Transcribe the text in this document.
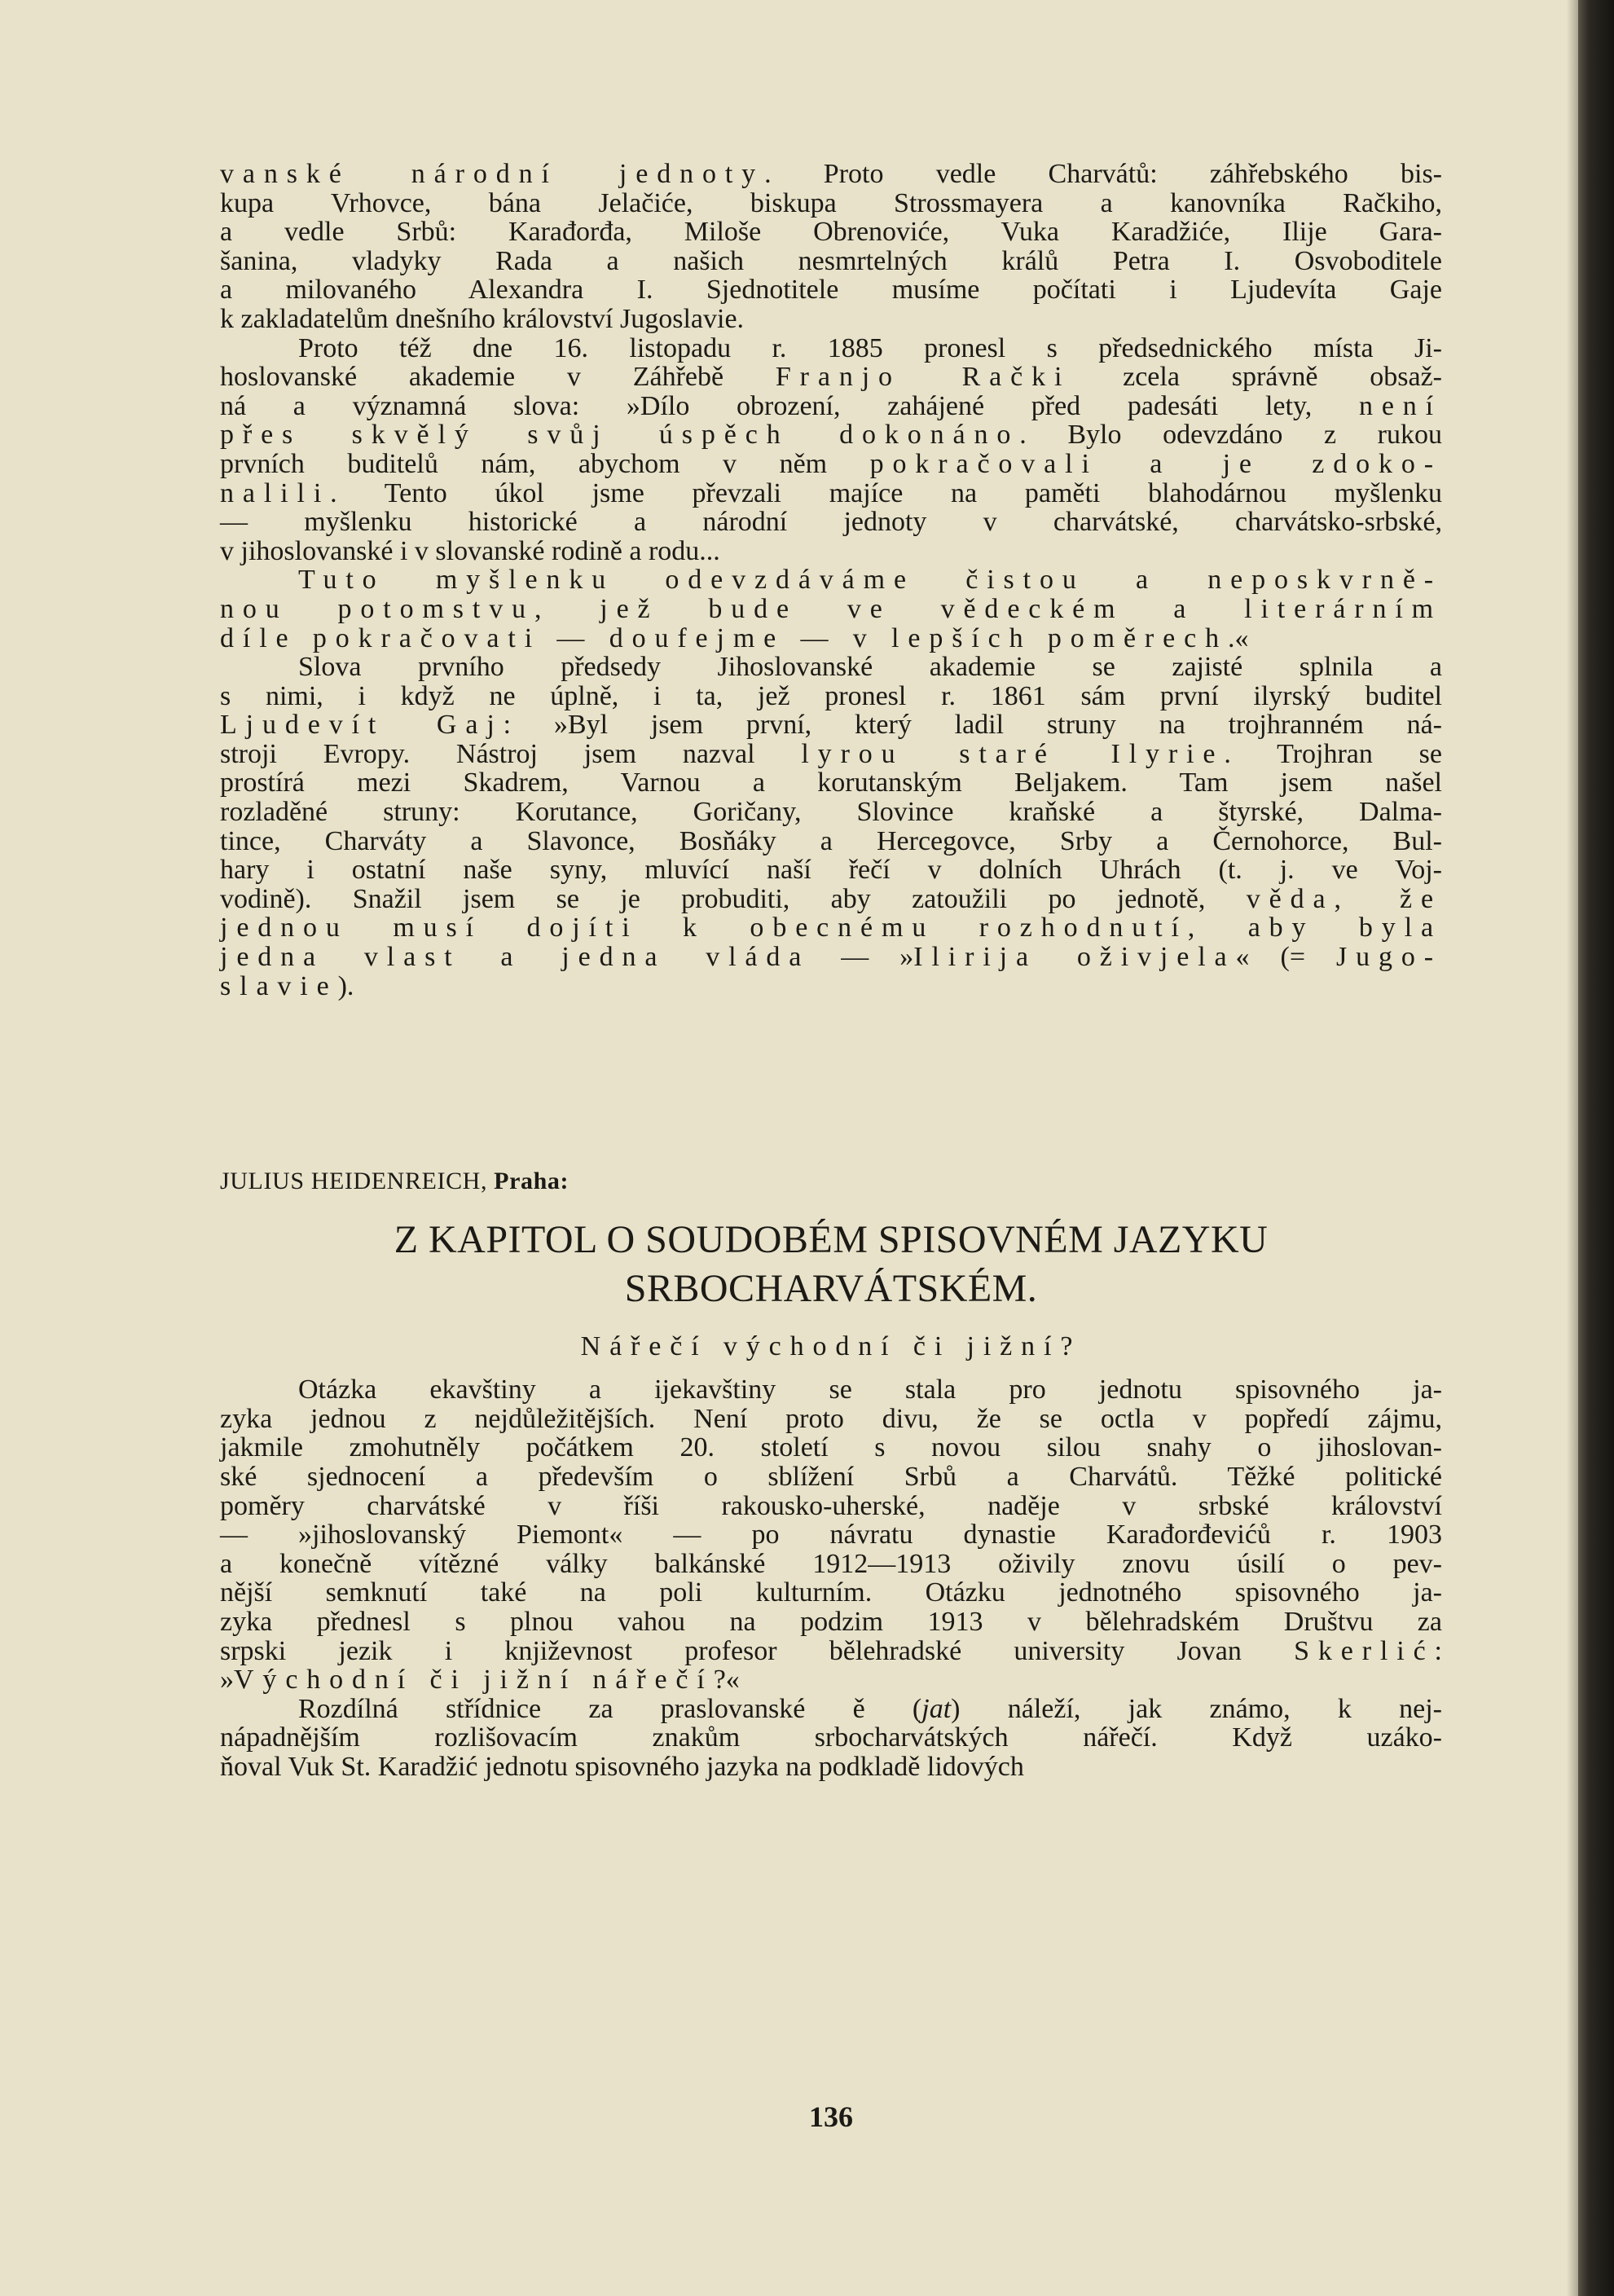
vanské národní jednoty. Proto vedle Charvátů: záhřebského bis-

kupa Vrhovce, bána Jelačiće, biskupa Strossmayera a kanovníka Račkiho,

a vedle Srbů: Karađorđa, Miloše Obrenoviće, Vuka Karadžiće, Ilije Gara-

šanina, vladyky Rada a našich nesmrtelných králů Petra I. Osvoboditele

a milovaného Alexandra I. Sjednotitele musíme počítati i Ljudevíta Gaje

k zakladatelům dnešního království Jugoslavie.

Proto též dne 16. listopadu r. 1885 pronesl s předsednického místa Ji-

hoslovanské akademie v Záhřebě Franjo Rački zcela správně obsaž-

ná a významná slova: »Dílo obrození, zahájené před padesáti lety, není

přes skvělý svůj úspěch dokonáno. Bylo odevzdáno z rukou

prvních buditelů nám, abychom v něm pokračovali a je zdoko-

nalili. Tento úkol jsme převzali majíce na paměti blahodárnou myšlenku

— myšlenku historické a národní jednoty v charvátské, charvátsko-srbské,

v jihoslovanské i v slovanské rodině a rodu...

Tuto myšlenku odevzdáváme čistou a neposkvrně-

nou potomstvu, jež bude ve vědeckém a literárním

díle pokračovati — doufejme — v lepších poměrech.«

Slova prvního předsedy Jihoslovanské akademie se zajisté splnila a

s nimi, i když ne úplně, i ta, jež pronesl r. 1861 sám první ilyrský buditel

Ljudevít Gaj: »Byl jsem první, který ladil struny na trojhranném ná-

stroji Evropy. Nástroj jsem nazval lyrou staré Ilyrie. Trojhran se

prostírá mezi Skadrem, Varnou a korutanským Beljakem. Tam jsem našel

rozladěné struny: Korutance, Goričany, Slovince kraňské a štyrské, Dalma-

tince, Charváty a Slavonce, Bosňáky a Hercegovce, Srby a Černohorce, Bul-

hary i ostatní naše syny, mluvící naší řečí v dolních Uhrách (t. j. ve Voj-

vodině). Snažil jsem se je probuditi, aby zatoužili po jednotě, věda, že

jednou musí dojíti k obecnému rozhodnutí, aby byla

jedna vlast a jedna vláda — »Ilirija oživjela« (= Jugo-

slavie).

JULIUS HEIDENREICH, Praha:

Z KAPITOL O SOUDOBÉM SPISOVNÉM JAZYKU
SRBOCHARVÁTSKÉM.
Nářečí východní či jižní?

Otázka ekavštiny a ijekavštiny se stala pro jednotu spisovného ja-

zyka jednou z nejdůležitějších. Není proto divu, že se octla v popředí zájmu,

jakmile zmohutněly počátkem 20. století s novou silou snahy o jihoslovan-

ské sjednocení a především o sblížení Srbů a Charvátů. Těžké politické

poměry charvátské v říši rakousko-uherské, naděje v srbské království

— »jihoslovanský Piemont« — po návratu dynastie Karađorđevićů r. 1903

a konečně vítězné války balkánské 1912—1913 oživily znovu úsilí o pev-

nější semknutí také na poli kulturním. Otázku jednotného spisovného ja-

zyka přednesl s plnou vahou na podzim 1913 v bělehradském Društvu za

srpski jezik i književnost profesor bělehradské university Jovan Skerlić:

»Východní či jižní nářečí?«

Rozdílná střídnice za praslovanské ě (jat) náleží, jak známo, k nej-

nápadnějším rozlišovacím znakům srbocharvátských nářečí. Když uzáko-

ňoval Vuk St. Karadžić jednotu spisovného jazyka na podkladě lidových

136
